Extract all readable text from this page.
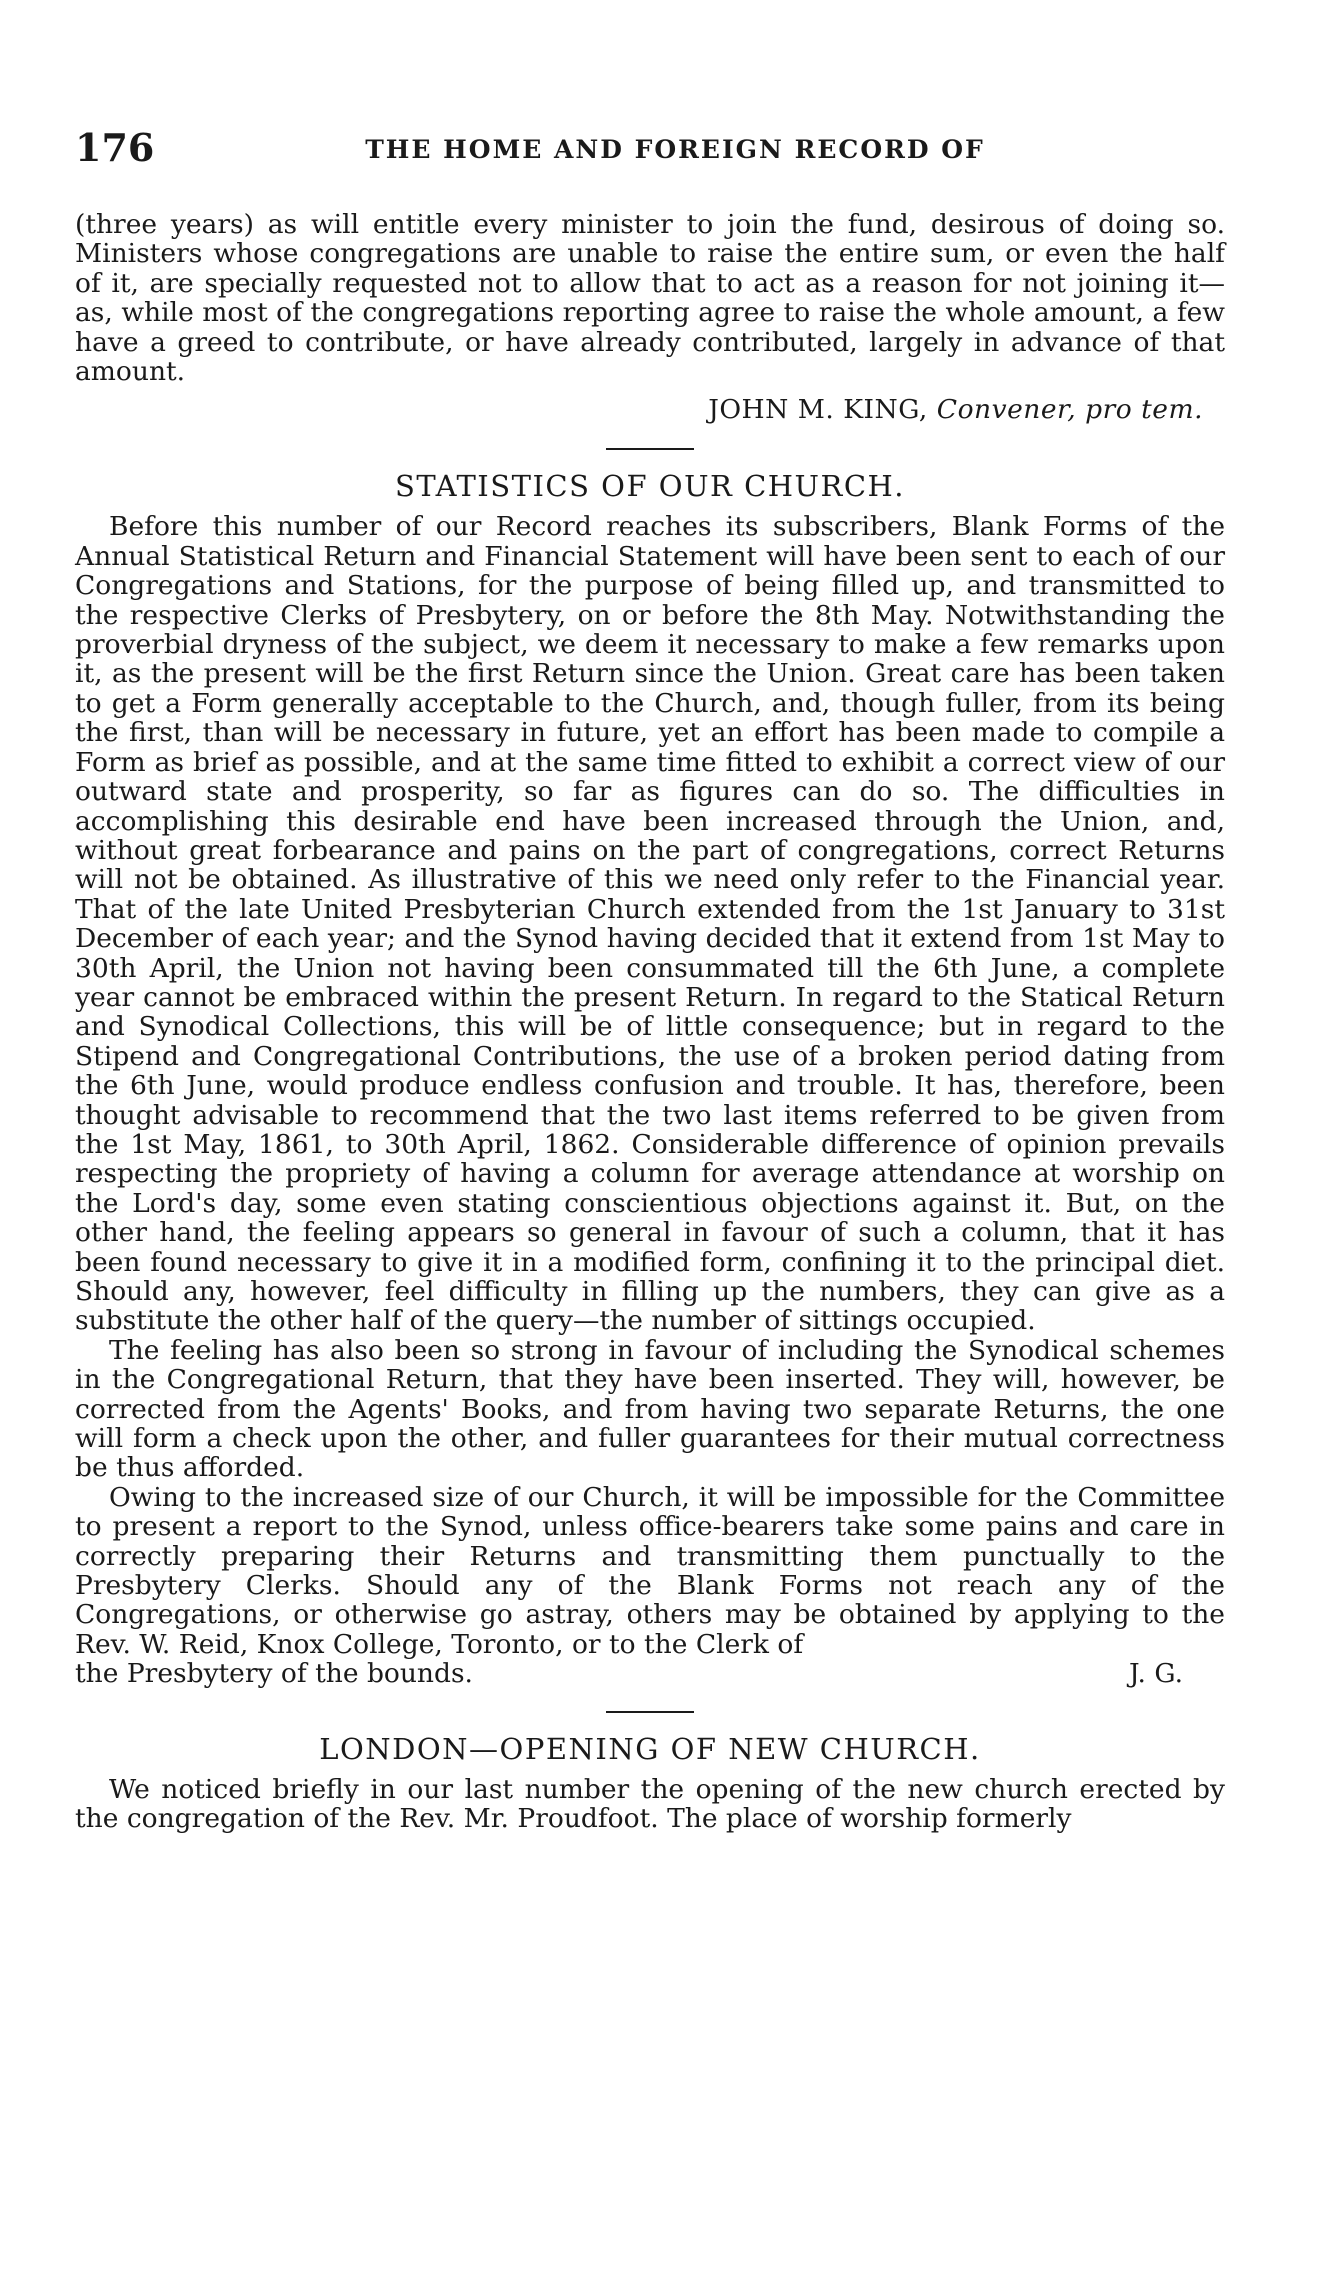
176	THE HOME AND FOREIGN RECORD OF

(three years) as will entitle every minister to join the fund, desirous of doing so. Ministers whose congregations are unable to raise the entire sum, or even the half of it, are specially requested not to allow that to act as a reason for not joining it—as, while most of the congregations reporting agree to raise the whole amount, a few have a greed to contribute, or have already contributed, largely in advance of that amount.

JOHN M. KING, Convener, pro tem.
STATISTICS OF OUR CHURCH.

Before this number of our Record reaches its subscribers, Blank Forms of the Annual Statistical Return and Financial Statement will have been sent to each of our Congregations and Stations, for the purpose of being filled up, and transmitted to the respective Clerks of Presbytery, on or before the 8th May. Notwithstanding the proverbial dryness of the subject, we deem it necessary to make a few remarks upon it, as the present will be the first Return since the Union. Great care has been taken to get a Form generally acceptable to the Church, and, though fuller, from its being the first, than will be necessary in future, yet an effort has been made to compile a Form as brief as possible, and at the same time fitted to exhibit a correct view of our outward state and prosperity, so far as figures can do so. The difficulties in accomplishing this desirable end have been increased through the Union, and, without great forbearance and pains on the part of congregations, correct Returns will not be obtained. As illustrative of this we need only refer to the Financial year. That of the late United Presbyterian Church extended from the 1st January to 31st December of each year; and the Synod having decided that it extend from 1st May to 30th April, the Union not having been consummated till the 6th June, a complete year cannot be embraced within the present Return. In regard to the Statical Return and Synodical Collections, this will be of little consequence; but in regard to the Stipend and Congregational Contributions, the use of a broken period dating from the 6th June, would produce endless confusion and trouble. It has, therefore, been thought advisable to recommend that the two last items referred to be given from the 1st May, 1861, to 30th April, 1862. Considerable difference of opinion prevails respecting the propriety of having a column for average attendance at worship on the Lord's day, some even stating conscientious objections against it. But, on the other hand, the feeling appears so general in favour of such a column, that it has been found necessary to give it in a modified form, confining it to the principal diet. Should any, however, feel difficulty in filling up the numbers, they can give as a substitute the other half of the query—the number of sittings occupied.

The feeling has also been so strong in favour of including the Synodical schemes in the Congregational Return, that they have been inserted. They will, however, be corrected from the Agents' Books, and from having two separate Returns, the one will form a check upon the other, and fuller guarantees for their mutual correctness be thus afforded.

Owing to the increased size of our Church, it will be impossible for the Committee to present a report to the Synod, unless office-bearers take some pains and care in correctly preparing their Returns and transmitting them punctually to the Presbytery Clerks. Should any of the Blank Forms not reach any of the Congregations, or otherwise go astray, others may be obtained by applying to the Rev. W. Reid, Knox College, Toronto, or to the Clerk of

the Presbytery of the bounds.	J. G.

LONDON—OPENING OF NEW CHURCH.

We noticed briefly in our last number the opening of the new church erected by the congregation of the Rev. Mr. Proudfoot. The place of worship formerly
